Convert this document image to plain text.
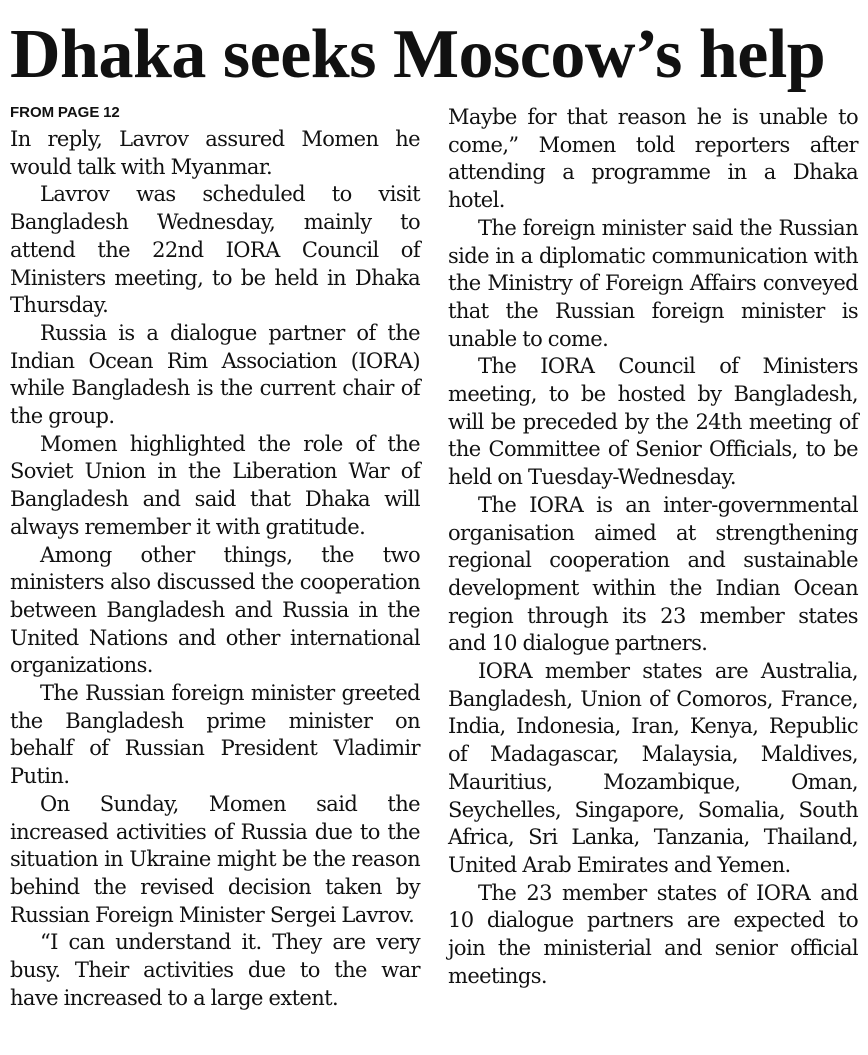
Dhaka seeks Moscow’s help
FROM PAGE 12

In reply, Lavrov assured Momen he would talk with Myanmar.

Lavrov was scheduled to visit Bangladesh Wednesday, mainly to attend the 22nd IORA Council of Ministers meeting, to be held in Dhaka Thursday.

Russia is a dialogue partner of the Indian Ocean Rim Association (IORA) while Bangladesh is the current chair of the group.

Momen highlighted the role of the Soviet Union in the Liberation War of Bangladesh and said that Dhaka will always remember it with gratitude.

Among other things, the two ministers also discussed the cooperation between Bangladesh and Russia in the United Nations and other international organizations.

The Russian foreign minister greeted the Bangladesh prime minister on behalf of Russian President Vladimir Putin.

On Sunday, Momen said the increased activities of Russia due to the situation in Ukraine might be the reason behind the revised decision taken by Russian Foreign Minister Sergei Lavrov.

“I can understand it. They are very busy. Their activities due to the war have increased to a large extent.

Maybe for that reason he is unable to come,” Momen told reporters after attending a programme in a Dhaka hotel.

The foreign minister said the Russian side in a diplomatic communication with the Ministry of Foreign Affairs conveyed that the Russian foreign minister is unable to come.

The IORA Council of Ministers meeting, to be hosted by Bangladesh, will be preceded by the 24th meeting of the Committee of Senior Officials, to be held on Tuesday-Wednesday.

The IORA is an inter-governmental organisation aimed at strengthening regional cooperation and sustainable development within the Indian Ocean region through its 23 member states and 10 dialogue partners.

IORA member states are Australia, Bangladesh, Union of Comoros, France, India, Indonesia, Iran, Kenya, Republic of Madagascar, Malaysia, Maldives, Mauritius, Mozambique, Oman, Seychelles, Singapore, Somalia, South Africa, Sri Lanka, Tanzania, Thailand, United Arab Emirates and Yemen.

The 23 member states of IORA and 10 dialogue partners are expected to join the ministerial and senior official meetings.
